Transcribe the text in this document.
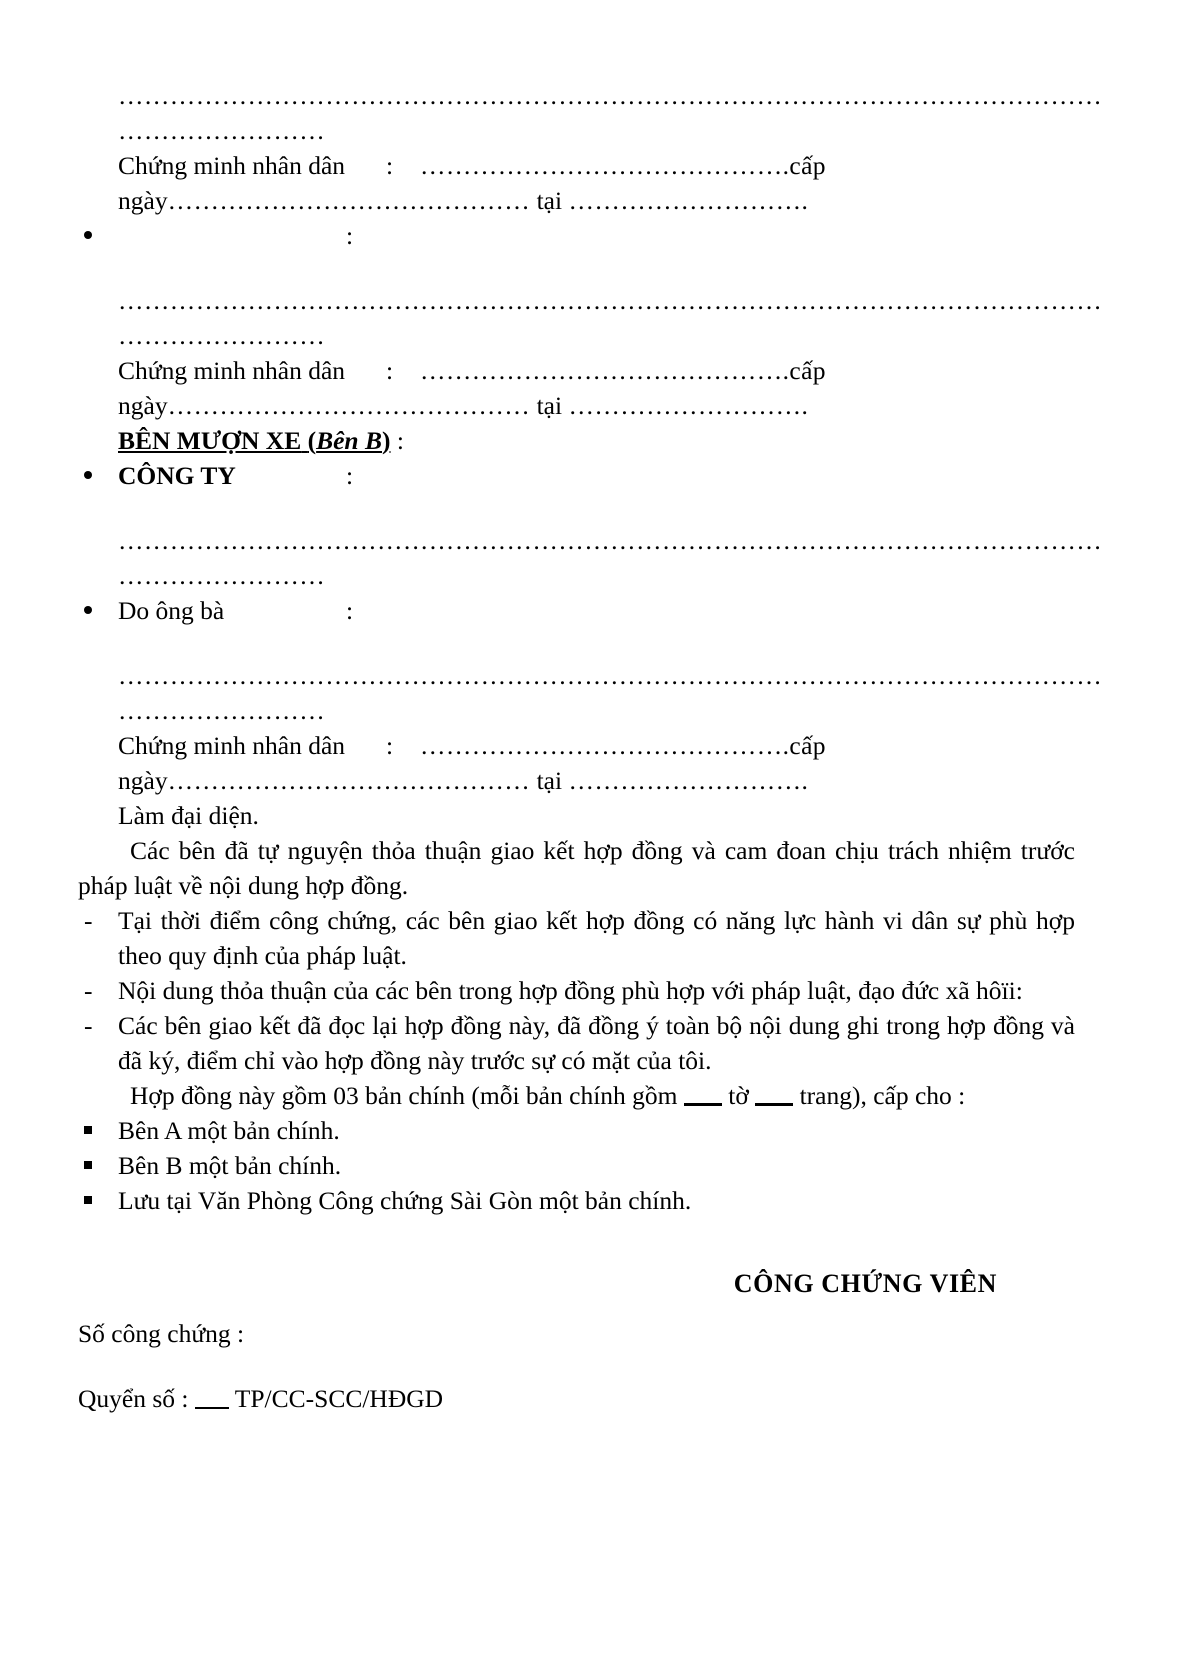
……………………………………………………………………………………………………
……………………
Chứng minh nhân dân	:	…………………………………….cấp
ngày…………………………………… tại ……………………….
:
……………………………………………………………………………………………………
……………………
Chứng minh nhân dân	:	…………………………………….cấp
ngày…………………………………… tại ……………………….
BÊN MƯỢN XE (Bên B) :
CÔNG TY	:
……………………………………………………………………………………………………
……………………
Do ông bà	:
……………………………………………………………………………………………………
……………………
Chứng minh nhân dân	:	…………………………………….cấp
ngày…………………………………… tại ……………………….
Làm đại diện.
Các bên đã tự nguyện thỏa thuận giao kết hợp đồng và cam đoan chịu trách nhiệm trước pháp luật về nội dung hợp đồng.
-	Tại thời điểm công chứng, các bên giao kết hợp đồng có năng lực hành vi dân sự phù hợp theo quy định của pháp luật.
-	Nội dung thỏa thuận của các bên trong hợp đồng phù hợp với pháp luật, đạo đức xã hôïi:
-	Các bên giao kết đã đọc lại hợp đồng này, đã đồng ý toàn bộ nội dung ghi trong hợp đồng và đã ký, điểm chỉ vào hợp đồng này trước sự có mặt của tôi.
Hợp đồng này gồm 03 bản chính (mỗi bản chính gồm tờ trang), cấp cho :
Bên A một bản chính.
Bên B một bản chính.
Lưu tại Văn Phòng Công chứng Sài Gòn một bản chính.
CÔNG CHỨNG VIÊN
Số công chứng :
Quyển số : TP/CC-SCC/HĐGD
